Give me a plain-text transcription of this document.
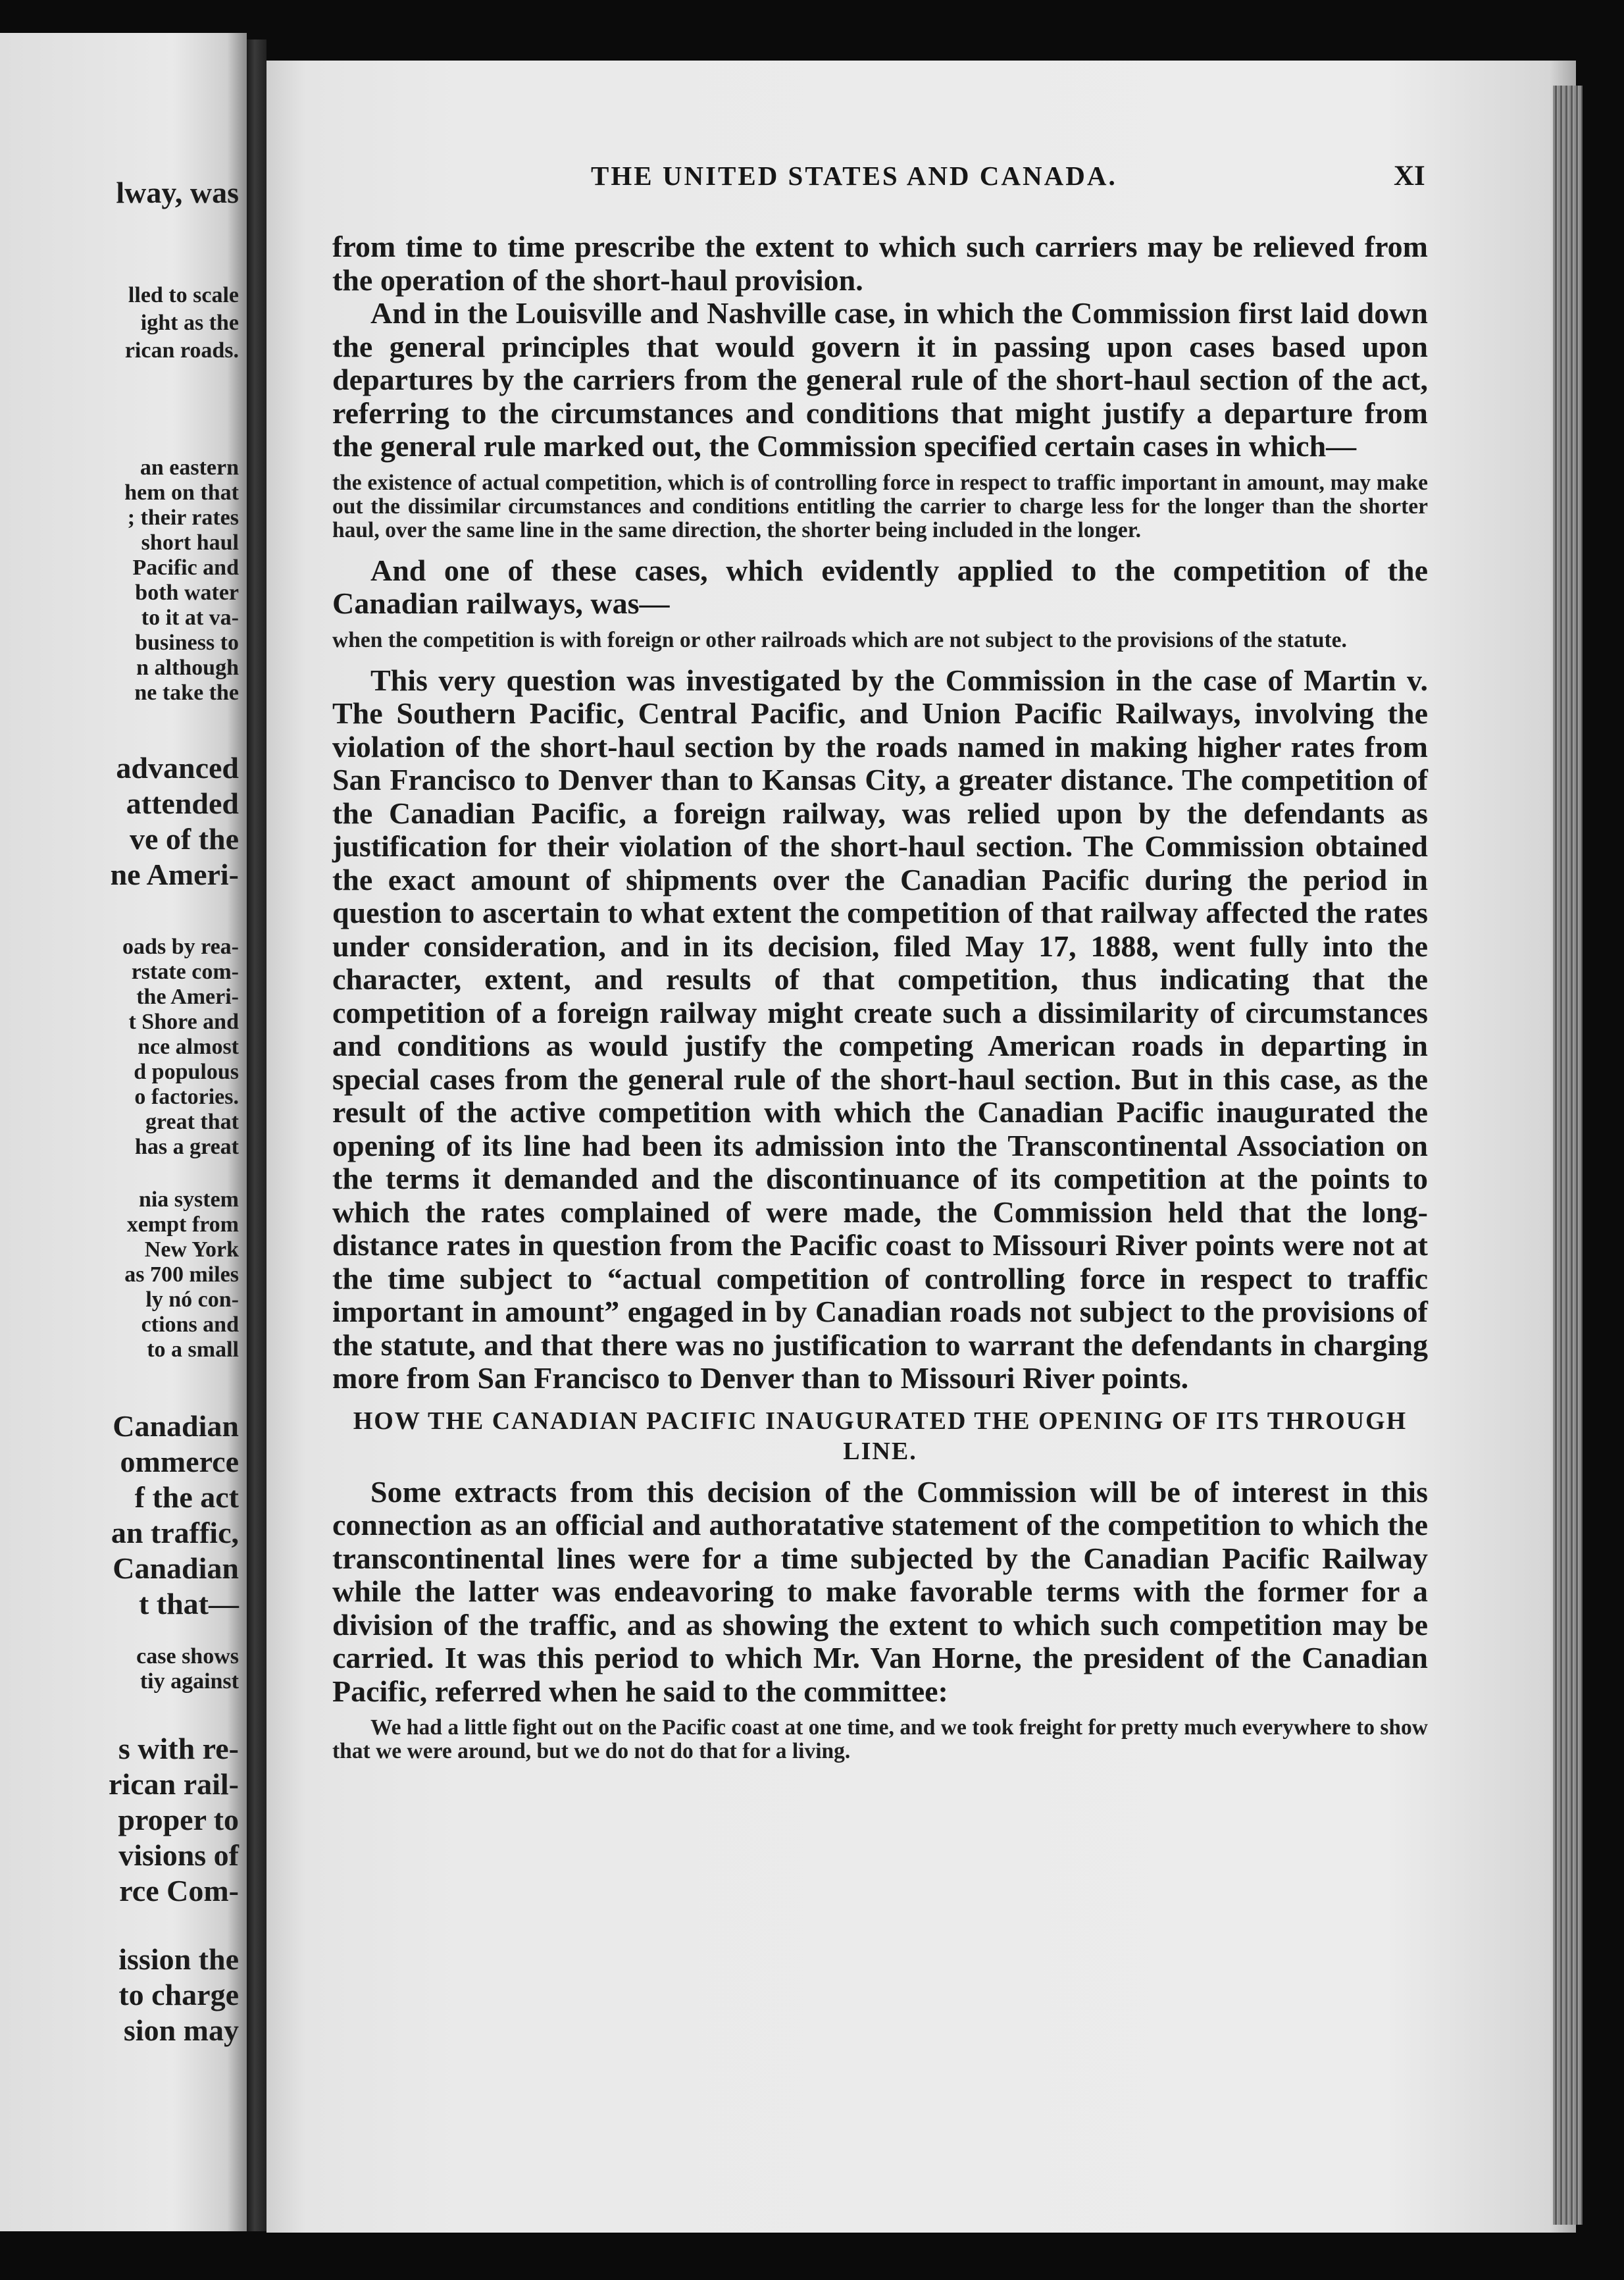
lway, was
lled to scale
ight as the
rican roads.
an eastern
hem on that
; their rates
short haul
Pacific and
both water
to it at va-
business to
n although
ne take the
advanced
attended
ve of the
ne Ameri-
oads by rea-
rstate com-
the Ameri-
t Shore and
nce almost
d populous
o factories.
great that
has a great
nia system
xempt from
New York
as 700 miles
ly nó con-
ctions and
to a small
Canadian
ommerce
f the act
an traffic,
Canadian
t that—
case shows
tiy against
s with re-
rican rail-
proper to
visions of
rce Com-
ission the
to charge
sion may
THE UNITED STATES AND CANADA.	XI

from time to time prescribe the extent to which such carriers may be relieved from the operation of the short-haul provision.

And in the Louisville and Nashville case, in which the Commission first laid down the general principles that would govern it in passing upon cases based upon departures by the carriers from the general rule of the short-haul section of the act, referring to the circumstances and conditions that might justify a departure from the general rule marked out, the Commission specified certain cases in which—

the existence of actual competition, which is of controlling force in respect to traffic important in amount, may make out the dissimilar circumstances and conditions entitling the carrier to charge less for the longer than the shorter haul, over the same line in the same direction, the shorter being included in the longer.

And one of these cases, which evidently applied to the competition of the Canadian railways, was—

when the competition is with foreign or other railroads which are not subject to the provisions of the statute.

This very question was investigated by the Commission in the case of Martin v. The Southern Pacific, Central Pacific, and Union Pacific Railways, involving the violation of the short-haul section by the roads named in making higher rates from San Francisco to Denver than to Kansas City, a greater distance. The competition of the Canadian Pacific, a foreign railway, was relied upon by the defendants as justification for their violation of the short-haul section. The Commission obtained the exact amount of shipments over the Canadian Pacific during the period in question to ascertain to what extent the competition of that railway affected the rates under consideration, and in its decision, filed May 17, 1888, went fully into the character, extent, and results of that competition, thus indicating that the competition of a foreign railway might create such a dissimilarity of circumstances and conditions as would justify the competing American roads in departing in special cases from the general rule of the short-haul section. But in this case, as the result of the active competition with which the Canadian Pacific inaugurated the opening of its line had been its admission into the Transcontinental Association on the terms it demanded and the discontinuance of its competition at the points to which the rates complained of were made, the Commission held that the long-distance rates in question from the Pacific coast to Missouri River points were not at the time subject to “actual competition of controlling force in respect to traffic important in amount” engaged in by Canadian roads not subject to the provisions of the statute, and that there was no justification to warrant the defendants in charging more from San Francisco to Denver than to Missouri River points.

HOW THE CANADIAN PACIFIC INAUGURATED THE OPENING OF ITS THROUGH LINE.

Some extracts from this decision of the Commission will be of interest in this connection as an official and authoratative statement of the competition to which the transcontinental lines were for a time subjected by the Canadian Pacific Railway while the latter was endeavoring to make favorable terms with the former for a division of the traffic, and as showing the extent to which such competition may be carried. It was this period to which Mr. Van Horne, the president of the Canadian Pacific, referred when he said to the committee:

We had a little fight out on the Pacific coast at one time, and we took freight for pretty much everywhere to show that we were around, but we do not do that for a living.
